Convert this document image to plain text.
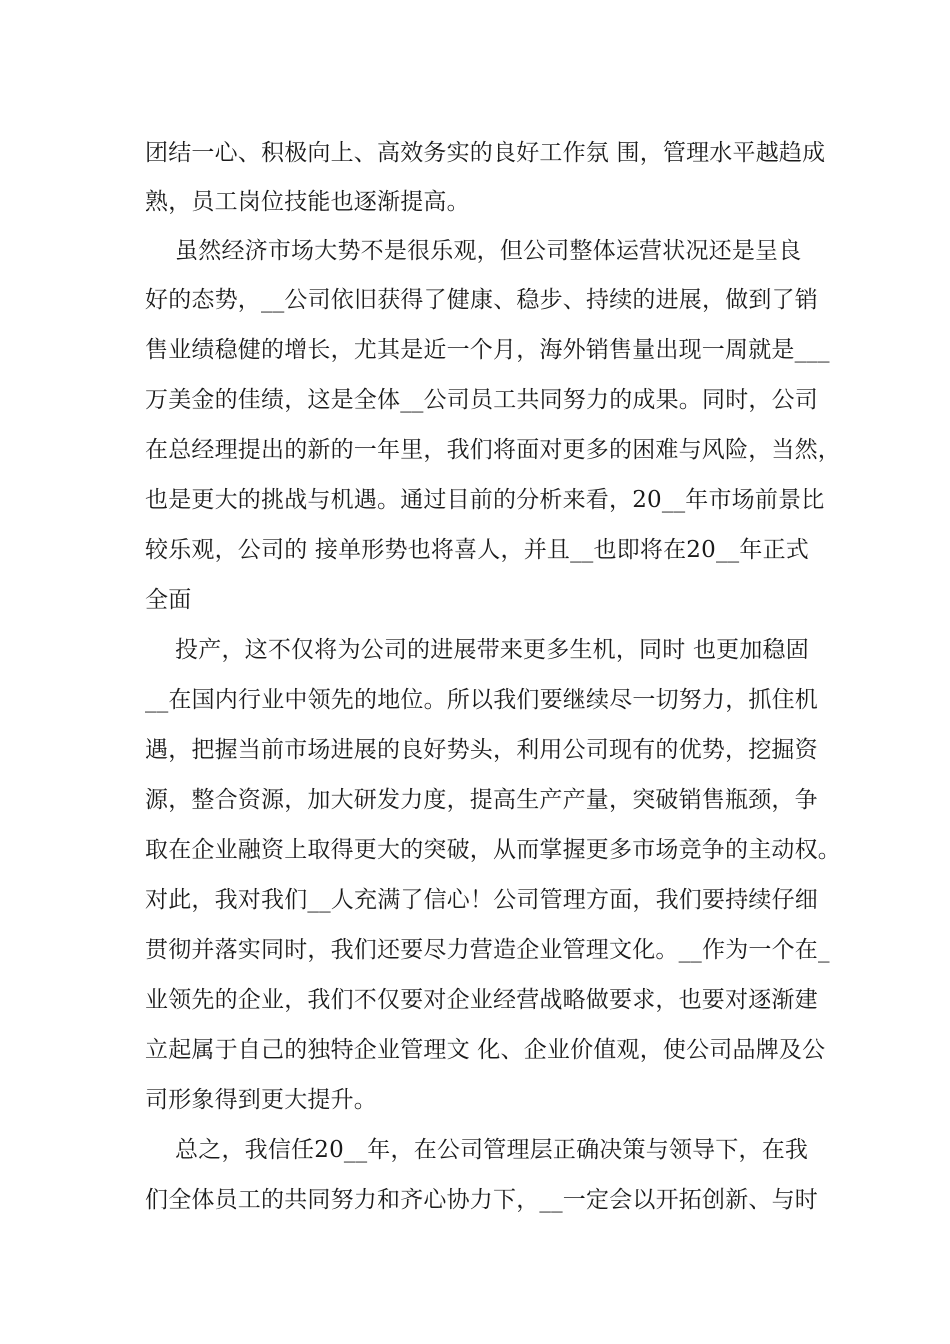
团结一心、积极向上、高效务实的良好工作氛 围，管理水平越趋成
熟，员工岗位技能也逐渐提高。
虽然经济市场大势不是很乐观，但公司整体运营状况还是呈良
好的态势，__公司依旧获得了健康、稳步、持续的进展，做到了销
售业绩稳健的增长，尤其是近一个月，海外销售量出现一周就是___
万美金的佳绩，这是全体__公司员工共同努力的成果。同时，公司
在总经理提出的新的一年里，我们将面对更多的困难与风险，当然，
也是更大的挑战与机遇。通过目前的分析来看，20__年市场前景比
较乐观，公司的 接单形势也将喜人，并且__也即将在20__年正式
全面
投产，这不仅将为公司的进展带来更多生机，同时 也更加稳固
__在国内行业中领先的地位。所以我们要继续尽一切努力，抓住机
遇，把握当前市场进展的良好势头，利用公司现有的优势，挖掘资
源，整合资源，加大研发力度，提高生产产量，突破销售瓶颈，争
取在企业融资上取得更大的突破，从而掌握更多市场竞争的主动权。
对此，我对我们__人充满了信心！公司管理方面，我们要持续仔细
贯彻并落实同时，我们还要尽力营造企业管理文化。__作为一个在_
业领先的企业，我们不仅要对企业经营战略做要求，也要对逐渐建
立起属于自己的独特企业管理文 化、企业价值观，使公司品牌及公
司形象得到更大提升。
总之，我信任20__年，在公司管理层正确决策与领导下，在我
们全体员工的共同努力和齐心协力下，__一定会以开拓创新、与时
